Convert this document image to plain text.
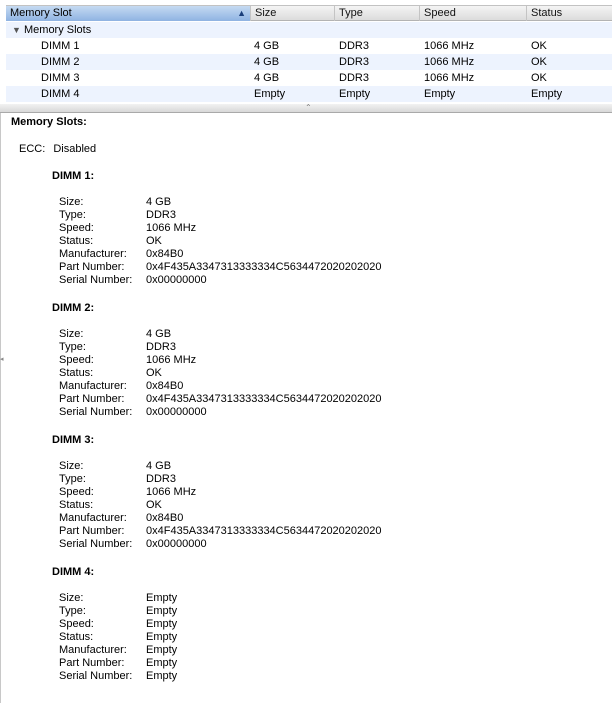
Memory Slot	▲ Size	Type	Speed	Status
▼ Memory Slots
DIMM 1	4 GB	DDR3	1066 MHz	OK
DIMM 2	4 GB	DDR3	1066 MHz	OK
DIMM 3	4 GB	DDR3	1066 MHz	OK
DIMM 4	Empty	Empty	Empty	Empty
⌃
Memory Slots:
ECC: Disabled
DIMM 1:
Size:	4 GB
Type:	DDR3
Speed:	1066 MHz
Status:	OK
Manufacturer: 0x84B0
Part Number: 0x4F435A3347313333334C5634472020202020
Serial Number: 0x00000000
DIMM 2:
Size:	4 GB
Type:	DDR3
Speed:	1066 MHz
Status:	OK
Manufacturer: 0x84B0
Part Number: 0x4F435A3347313333334C5634472020202020
Serial Number: 0x00000000
DIMM 3:
Size:	4 GB
Type:	DDR3
Speed:	1066 MHz
Status:	OK
Manufacturer: 0x84B0
Part Number: 0x4F435A3347313333334C5634472020202020
Serial Number: 0x00000000
DIMM 4:
Size:	Empty
Type:	Empty
Speed:	Empty
Status:	Empty
Manufacturer: Empty
Part Number: Empty
Serial Number: Empty
◂
